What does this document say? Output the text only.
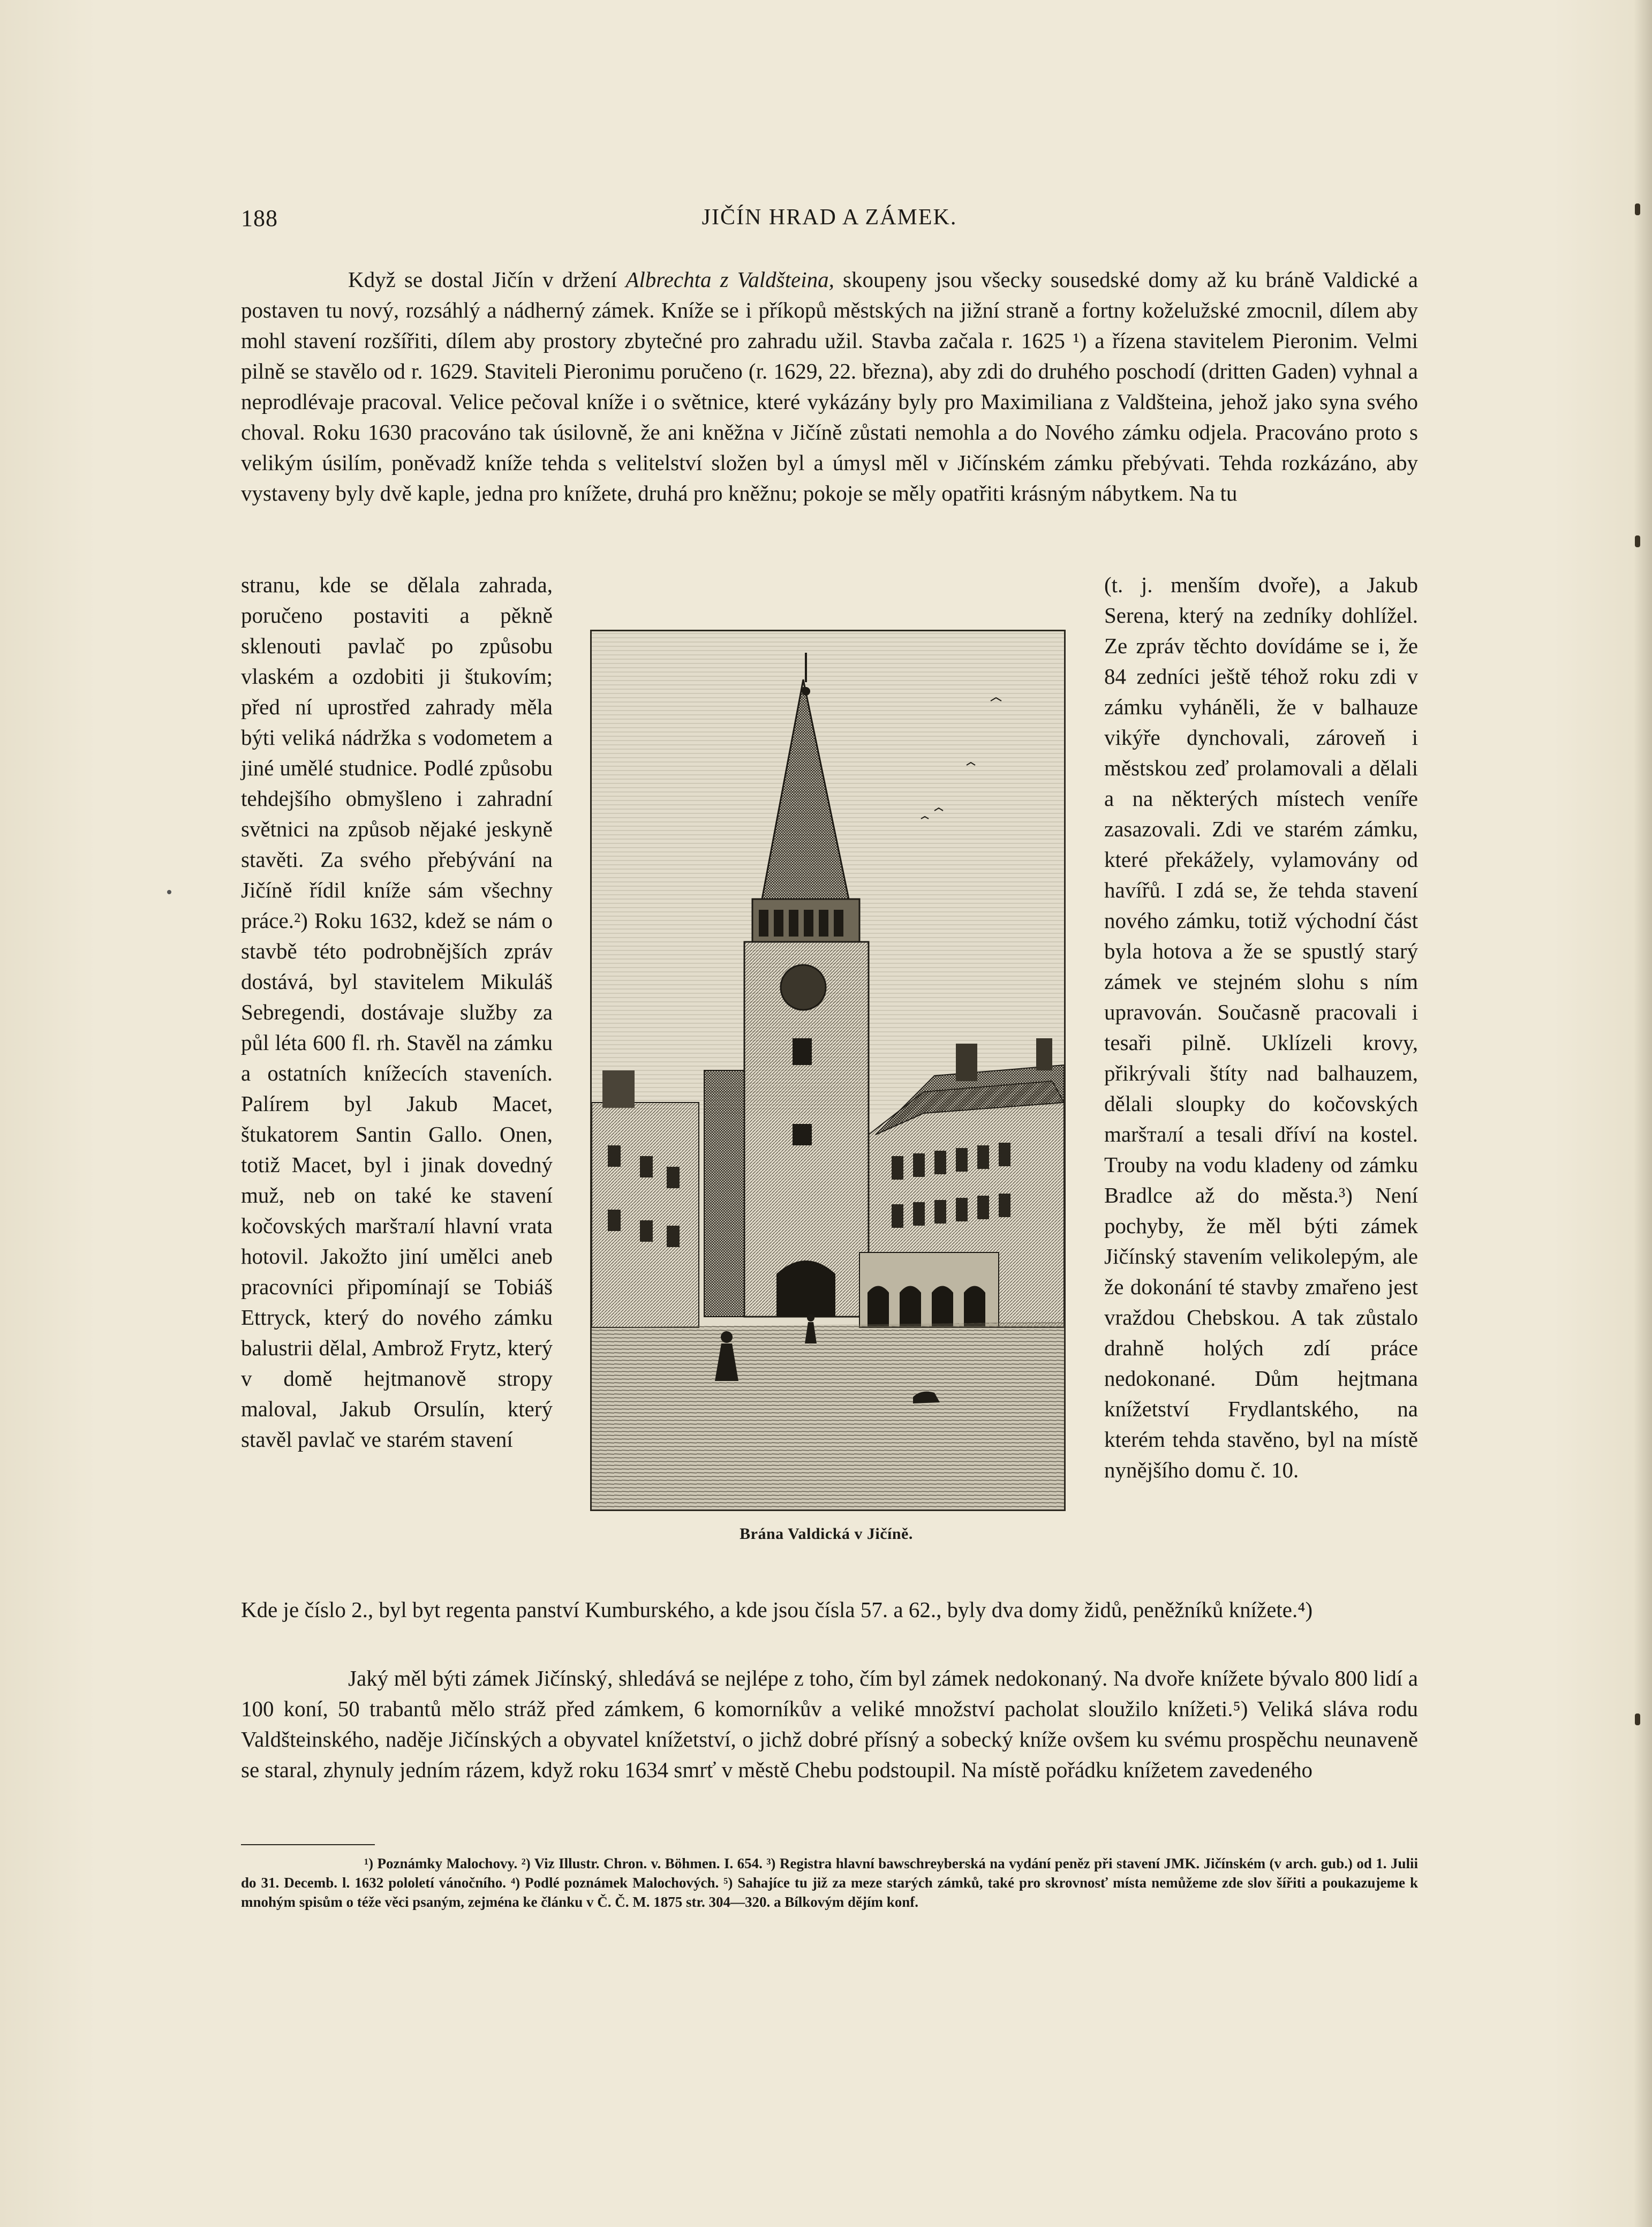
188	JIČÍN HRAD A ZÁMEK.

Když se dostal Jičín v držení Albrechta z Valdšteina, skoupeny jsou všecky sousedské domy až ku bráně Valdické a postaven tu nový, rozsáhlý a nádherný zámek. Kníže se i příkopů městských na jižní straně a fortny koželužské zmocnil, dílem aby mohl stavení rozšířiti, dílem aby prostory zbytečné pro zahradu užil. Stavba začala r. 1625 ¹) a řízena stavitelem Pieronim. Velmi pilně se stavělo od r. 1629. Staviteli Pieronimu poručeno (r. 1629, 22. března), aby zdi do druhého poschodí (dritten Gaden) vyhnal a neprodlévaje pracoval. Velice pečoval kníže i o světnice, které vykázány byly pro Maximiliana z Valdšteina, jehož jako syna svého choval. Roku 1630 pracováno tak úsilovně, že ani kněžna v Jičíně zůstati nemohla a do Nového zámku odjela. Pracováno proto s velikým úsilím, poněvadž kníže tehda s velitelství složen byl a úmysl měl v Jičínském zámku přebývati. Tehda rozkázáno, aby vystaveny byly dvě kaple, jedna pro knížete, druhá pro kněžnu; pokoje se měly opatřiti krásným nábytkem. Na tu

stranu, kde se dělala zahrada, poručeno postaviti a pěkně sklenouti pavlač po způsobu vlaském a ozdobiti ji štukovím; před ní uprostřed zahrady měla býti veliká nádržka s vodometem a jiné umělé studnice. Podlé způsobu tehdejšího obmyšleno i zahradní světnici na způsob nějaké jeskyně stavěti. Za svého přebývání na Jičíně řídil kníže sám všechny práce.²) Roku 1632, kdež se nám o stavbě této podrobnějších zpráv dostává, byl stavitelem Mikuláš Sebregendi, dostávaje služby za půl léta 600 fl. rh. Stavěl na zámku a ostatních knížecích staveních. Palírem byl Jakub Macet, štukatorem Santin Gallo. Onen, totiž Macet, byl i jinak dovedný muž, neb on také ke stavení kočovských maršталí hlavní vrata hotovil. Jakožto jiní umělci aneb pracovníci připomínají se Tobiáš Ettryck, který do nového zámku balustrii dělal, Ambrož Frytz, který v domě hejtmanově stropy maloval, Jakub Orsulín, který stavěl pavlač ve starém stavení

Brána Valdická v Jičíně.

(t. j. menším dvoře), a Jakub Serena, který na zedníky dohlížel. Ze zpráv těchto dovídáme se i, že 84 zedníci ještě téhož roku zdi v zámku vyháněli, že v balhauze vikýře dynchovali, zároveň i městskou zeď prolamovali a dělali a na některých místech veníře zasazovali. Zdi ve starém zámku, které překážely, vylamovány od havířů. I zdá se, že tehda stavení nového zámku, totiž východní část byla hotova a že se spustlý starý zámek ve stejném slohu s ním upravován. Současně pracovali i tesaři pilně. Uklízeli krovy, přikrývali štíty nad balhauzem, dělali sloupky do kočovských maršталí a tesali dříví na kostel. Trouby na vodu kladeny od zámku Bradlce až do města.³) Není pochyby, že měl býti zámek Jičínský stavením velikolepým, ale že dokonání té stavby zmařeno jest vraždou Chebskou. A tak zůstalo drahně holých zdí práce nedokonané. Dům hejtmana knížetství Frydlantského, na kterém tehda stavěno, byl na místě nynějšího domu č. 10.

Kde je číslo 2., byl byt regenta panství Kumburského, a kde jsou čísla 57. a 62., byly dva domy židů, peněžníků knížete.⁴)

Jaký měl býti zámek Jičínský, shledává se nejlépe z toho, čím byl zámek nedokonaný. Na dvoře knížete bývalo 800 lidí a 100 koní, 50 trabantů mělo stráž před zámkem, 6 komorníkův a veliké množství pacholat sloužilo knížeti.⁵) Veliká sláva rodu Valdšteinského, naděje Jičínských a obyvatel knížetství, o jichž dobré přísný a sobecký kníže ovšem ku svému prospěchu neunaveně se staral, zhynuly jedním rázem, když roku 1634 smrť v městě Chebu podstoupil. Na místě pořádku knížetem zavedeného

¹) Poznámky Malochovy. ²) Viz Illustr. Chron. v. Böhmen. I. 654. ³) Registra hlavní bawschreyberská na vydání peněz při stavení JMK. Jičínském (v arch. gub.) od 1. Julii do 31. Decemb. l. 1632 pololetí vánočního. ⁴) Podlé poznámek Malochových. ⁵) Sahajíce tu již za meze starých zámků, také pro skrovnosť místa nemůžeme zde slov šířiti a poukazujeme k mnohým spisům o téže věci psaným, zejména ke článku v Č. Č. M. 1875 str. 304—320. a Bílkovým dějím konf.
